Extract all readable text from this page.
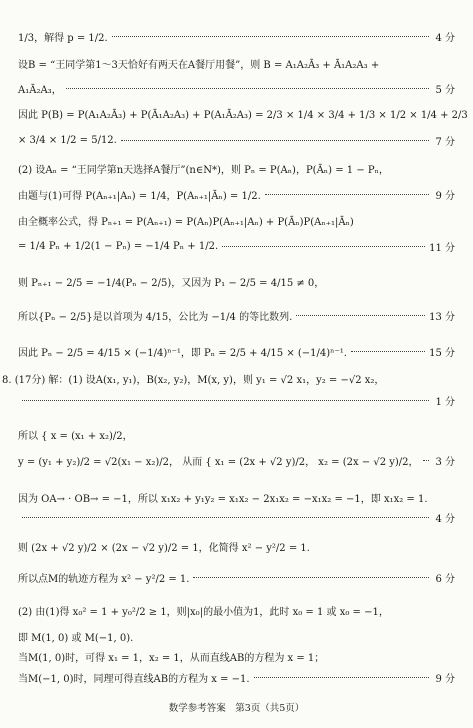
1/3，解得 p = 1/2.	4 分
设B = “王同学第1～3天恰好有两天在A餐厅用餐”，则 B = A₁A₂Ā₃ + Ā₁A₂A₃ +
A₁Ā₂A₃，	5 分
因此 P(B) = P(A₁A₂Ā₃) + P(Ā₁A₂A₃) + P(A₁Ā₂A₃) = 2/3 × 1/4 × 3/4 + 1/3 × 1/2 × 1/4 + 2/3
× 3/4 × 1/2 = 5/12.	7 分
(2) 设Aₙ = “王同学第n天选择A餐厅”(n∈N*)，则 Pₙ = P(Aₙ)，P(Āₙ) = 1 − Pₙ，
由题与(1)可得 P(Aₙ₊₁|Aₙ) = 1/4，P(Aₙ₊₁|Āₙ) = 1/2.	9 分
由全概率公式，得 Pₙ₊₁ = P(Aₙ₊₁) = P(Aₙ)P(Aₙ₊₁|Aₙ) + P(Āₙ)P(Aₙ₊₁|Āₙ)
= 1/4 Pₙ + 1/2(1 − Pₙ) = −1/4 Pₙ + 1/2.	11 分
则 Pₙ₊₁ − 2/5 = −1/4(Pₙ − 2/5)，又因为 P₁ − 2/5 = 4/15 ≠ 0，
所以{Pₙ − 2/5}是以首项为 4/15，公比为 −1/4 的等比数列.	13 分
因此 Pₙ − 2/5 = 4/15 × (−1/4)ⁿ⁻¹，即 Pₙ = 2/5 + 4/15 × (−1/4)ⁿ⁻¹.	15 分
8. (17分) 解：(1) 设A(x₁, y₁)，B(x₂, y₂)，M(x, y)，则 y₁ = √2 x₁，y₂ = −√2 x₂，
1 分
所以 { x = (x₁ + x₂)/2，
y = (y₁ + y₂)/2 = √2(x₁ − x₂)/2， 从而 { x₁ = (2x + √2 y)/2， x₂ = (2x − √2 y)/2， 3 分
因为 OA→ · OB→ = −1，所以 x₁x₂ + y₁y₂ = x₁x₂ − 2x₁x₂ = −x₁x₂ = −1，即 x₁x₂ = 1.
4 分
则 (2x + √2 y)/2 × (2x − √2 y)/2 = 1，化简得 x² − y²/2 = 1.
所以点M的轨迹方程为 x² − y²/2 = 1.	6 分
(2) 由(1)得 x₀² = 1 + y₀²/2 ≥ 1，则|x₀|的最小值为1，此时 x₀ = 1 或 x₀ = −1，
即 M(1, 0) 或 M(−1, 0).
当M(1, 0)时，可得 x₁ = 1，x₂ = 1，从而直线AB的方程为 x = 1；
当M(−1, 0)时，同理可得直线AB的方程为 x = −1.	9 分
数学参考答案　第3页（共5页）
